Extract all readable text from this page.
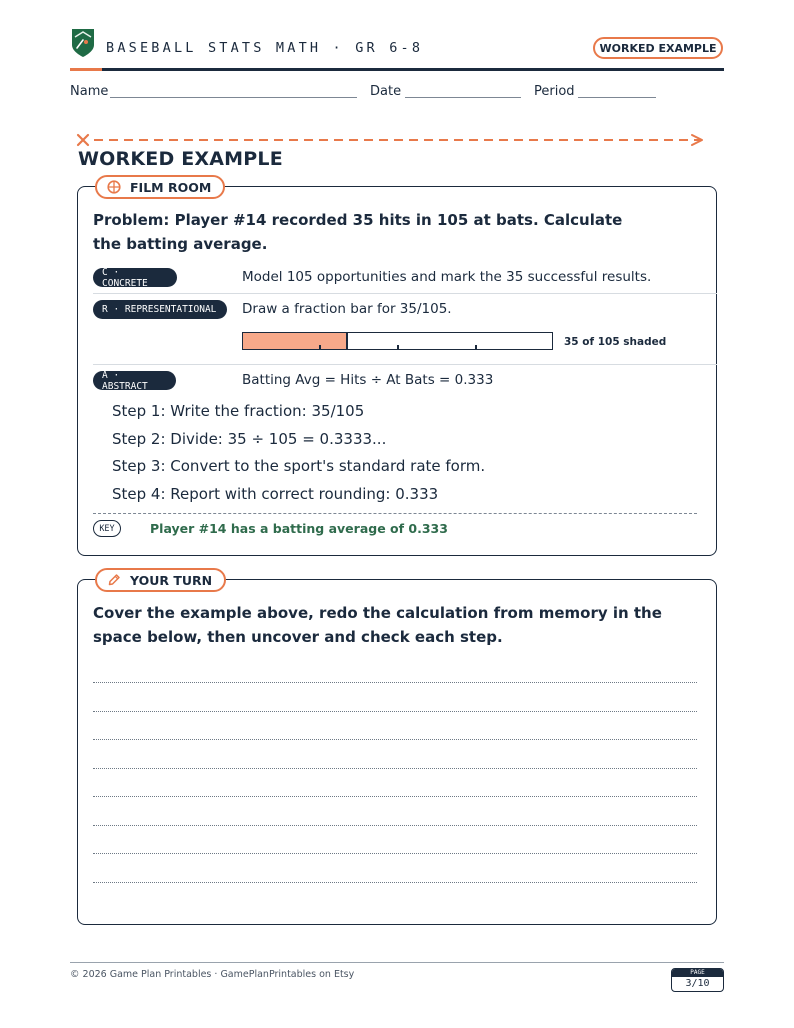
BASEBALL STATS MATH · GR 6-8	WORKED EXAMPLE
Name	Date	Period
WORKED EXAMPLE
FILM ROOM
Problem: Player #14 recorded 35 hits in 105 at bats. Calculate the batting average.
C · CONCRETE	Model 105 opportunities and mark the 35 successful results.
R · REPRESENTATIONAL	Draw a fraction bar for 35/105.
35 of 105 shaded
A · ABSTRACT	Batting Avg = Hits ÷ At Bats = 0.333
Step 1: Write the fraction: 35/105
Step 2: Divide: 35 ÷ 105 = 0.3333...
Step 3: Convert to the sport's standard rate form.
Step 4: Report with correct rounding: 0.333
KEY	Player #14 has a batting average of 0.333
YOUR TURN
Cover the example above, redo the calculation from memory in the space below, then uncover and check each step.
© 2026 Game Plan Printables · GamePlanPrintables on Etsy	PAGE
3/10
